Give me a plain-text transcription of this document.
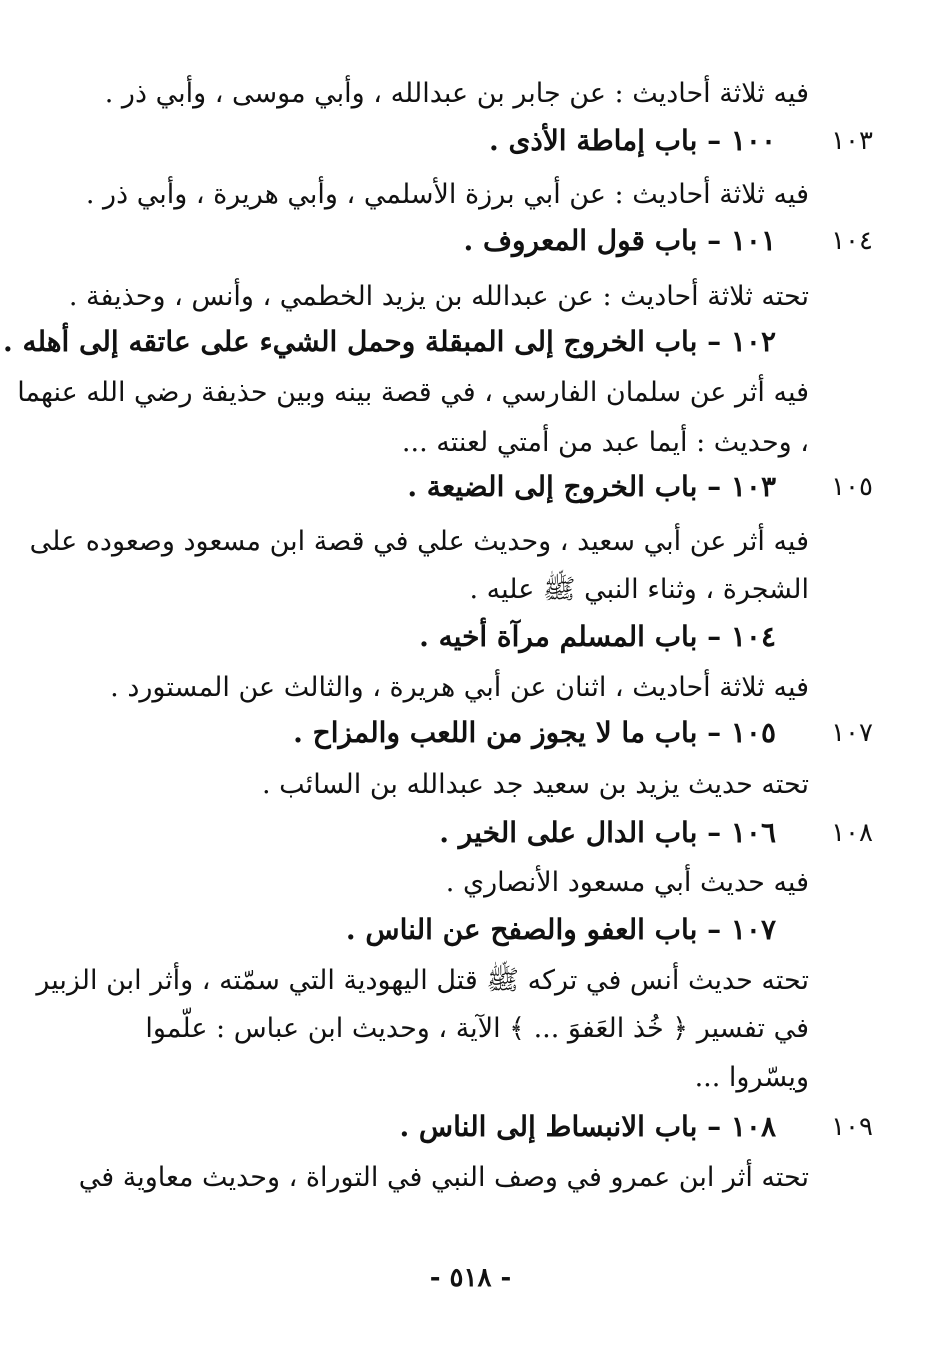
فيه ثلاثة أحاديث : عن جابر بن عبدالله ، وأبي موسى ، وأبي ذر .
١٠٣
١٠٠ – باب إماطة الأذى .
فيه ثلاثة أحاديث : عن أبي برزة الأسلمي ، وأبي هريرة ، وأبي ذر .
١٠٤
١٠١ – باب قول المعروف .
تحته ثلاثة أحاديث : عن عبدالله بن يزيد الخطمي ، وأنس ، وحذيفة .
١٠٢ – باب الخروج إلى المبقلة وحمل الشيء على عاتقه إلى أهله .
فيه أثر عن سلمان الفارسي ، في قصة بينه وبين حذيفة رضي الله عنهما
، وحديث : أيما عبد من أمتي لعنته ...
١٠٥
١٠٣ – باب الخروج إلى الضيعة .
فيه أثر عن أبي سعيد ، وحديث علي في قصة ابن مسعود وصعوده على
الشجرة ، وثناء النبي ﷺ عليه .
١٠٤ – باب المسلم مرآة أخيه .
فيه ثلاثة أحاديث ، اثنان عن أبي هريرة ، والثالث عن المستورد .
١٠٧
١٠٥ – باب ما لا يجوز من اللعب والمزاح .
تحته حديث يزيد بن سعيد جد عبدالله بن السائب .
١٠٨
١٠٦ – باب الدال على الخير .
فيه حديث أبي مسعود الأنصاري .
١٠٧ – باب العفو والصفح عن الناس .
تحته حديث أنس في تركه ﷺ قتل اليهودية التي سمّته ، وأثر ابن الزبير
في تفسير ﴿ خُذ العَفوَ ... ﴾ الآية ، وحديث ابن عباس : علّموا
ويسّروا ...
١٠٩
١٠٨ – باب الانبساط إلى الناس .
تحته أثر ابن عمرو في وصف النبي في التوراة ، وحديث معاوية في
- ٥١٨ -
